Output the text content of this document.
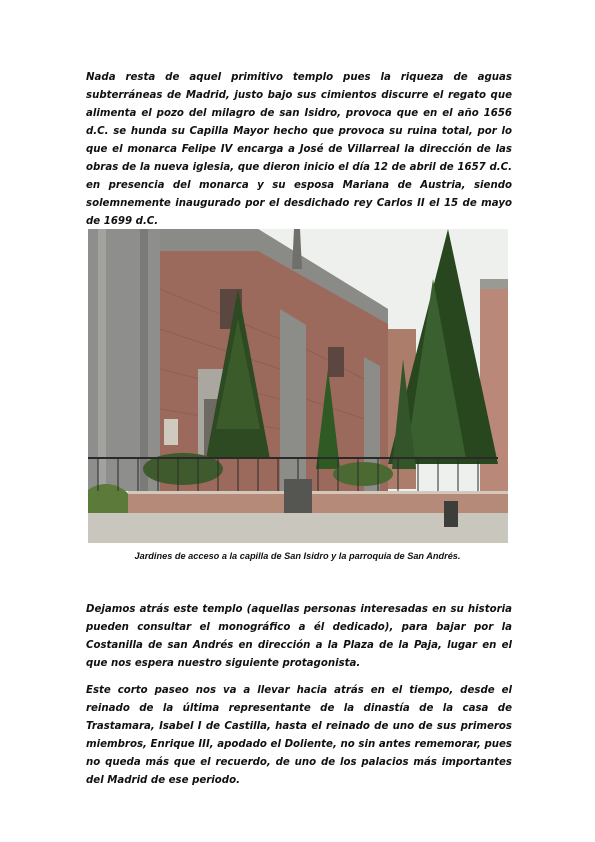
Nada resta de aquel primitivo templo pues la riqueza de aguas subterráneas de Madrid, justo bajo sus cimientos discurre el regato que alimenta el pozo del milagro de san Isidro, provoca que en el año 1656 d.C. se hunda su Capilla Mayor hecho que provoca su ruina total, por lo que el monarca Felipe IV encarga a José de Villarreal la dirección de las obras de la nueva iglesia, que dieron inicio el día 12 de abril de 1657 d.C. en presencia del monarca y su esposa Mariana de Austria, siendo solemnemente inaugurado por el desdichado rey Carlos II el 15 de mayo de 1699 d.C.

Jardines de acceso a la capilla de San Isidro y la parroquia de San Andrés.

Dejamos atrás este templo (aquellas personas interesadas en su historia pueden consultar el monográfico a él dedicado), para bajar por la Costanilla de san Andrés en dirección a la Plaza de la Paja, lugar en el que nos espera nuestro siguiente protagonista.

Este corto paseo nos va a llevar hacia atrás en el tiempo, desde el reinado de la última representante de la dinastía de la casa de Trastamara, Isabel I de Castilla, hasta el reinado de uno de sus primeros miembros, Enrique III, apodado el Doliente, no sin antes rememorar, pues no queda más que el recuerdo, de uno de los palacios más importantes del Madrid de ese periodo.
